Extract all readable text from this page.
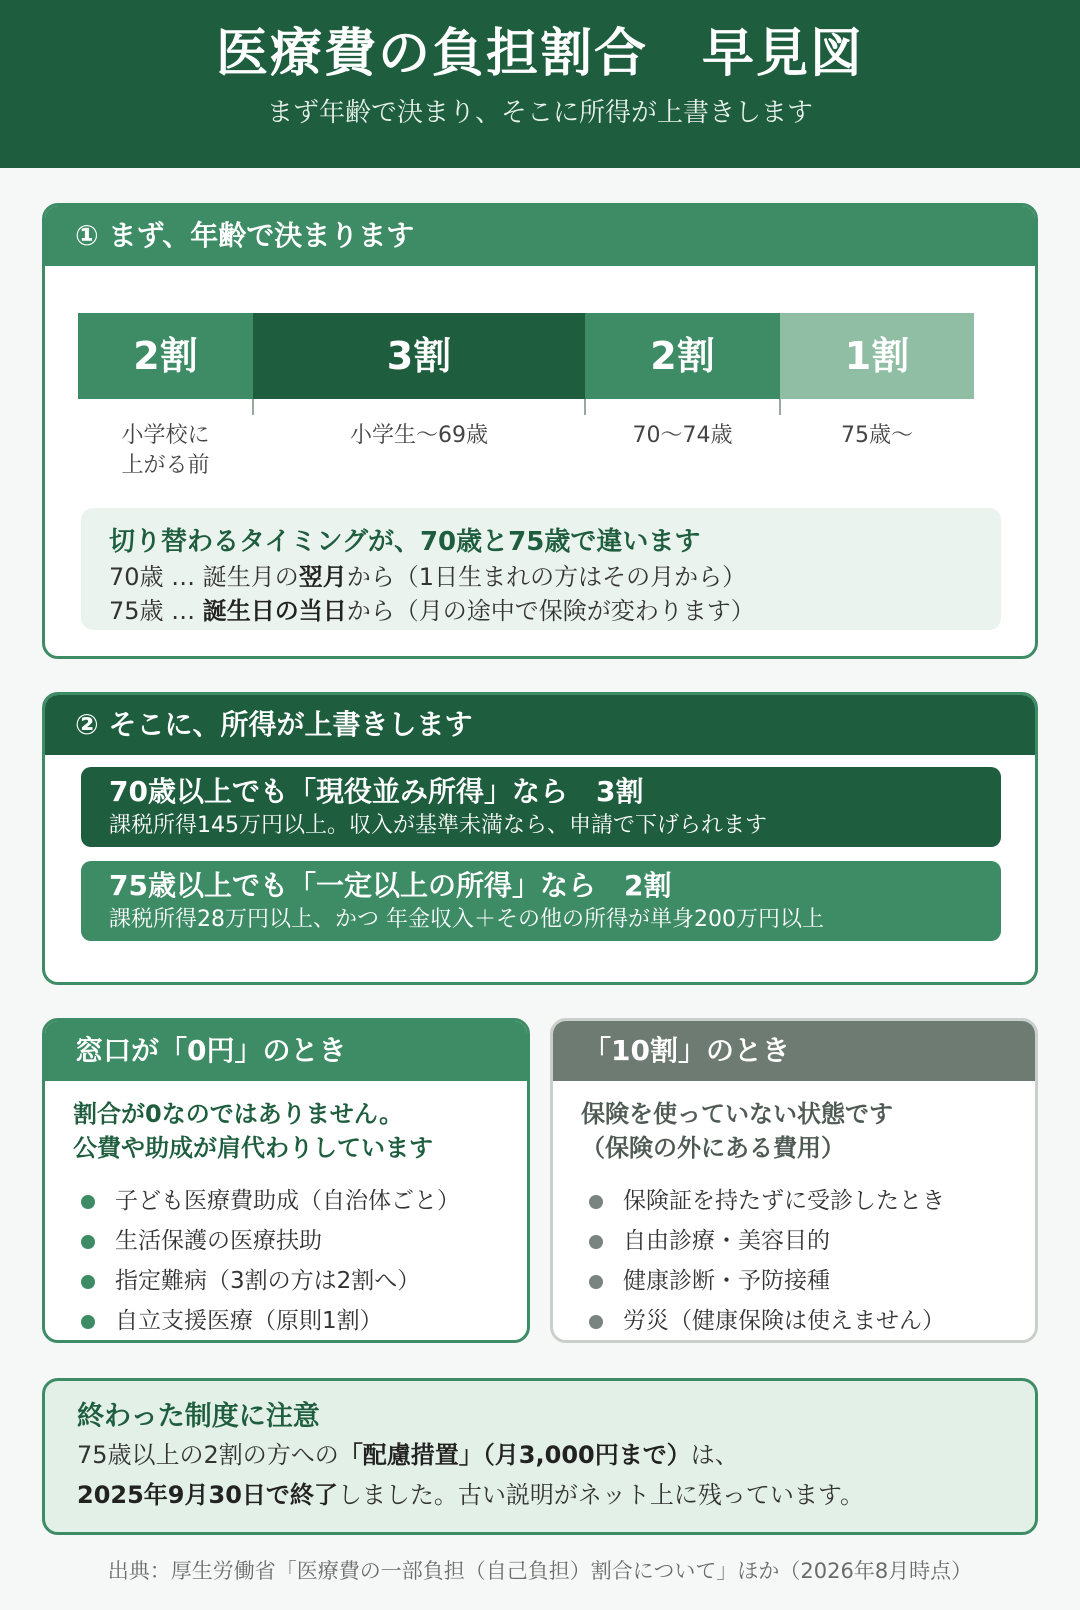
医療費の負担割合　早見図
まず年齢で決まり、そこに所得が上書きします
① まず、年齢で決まります
2割	3割	2割	1割
小学校に
上がる前
小学生〜69歳	70〜74歳	75歳〜
切り替わるタイミングが、70歳と75歳で違います
70歳 … 誕生月の翌月から（1日生まれの方はその月から）
75歳 … 誕生日の当日から（月の途中で保険が変わります）
② そこに、所得が上書きします
70歳以上でも「現役並み所得」なら　3割
課税所得145万円以上。収入が基準未満なら、申請で下げられます
75歳以上でも「一定以上の所得」なら　2割
課税所得28万円以上、かつ 年金収入＋その他の所得が単身200万円以上
窓口が「0円」のとき
割合が0なのではありません。
公費や助成が肩代わりしています
子ども医療費助成（自治体ごと）
生活保護の医療扶助
指定難病（3割の方は2割へ）
自立支援医療（原則1割）
「10割」のとき
保険を使っていない状態です
（保険の外にある費用）
保険証を持たずに受診したとき
自由診療・美容目的
健康診断・予防接種
労災（健康保険は使えません）
終わった制度に注意
75歳以上の2割の方への「配慮措置」（月3,000円まで）は、
2025年9月30日で終了しました。古い説明がネット上に残っています。
出典：厚生労働省「医療費の一部負担（自己負担）割合について」ほか（2026年8月時点）
